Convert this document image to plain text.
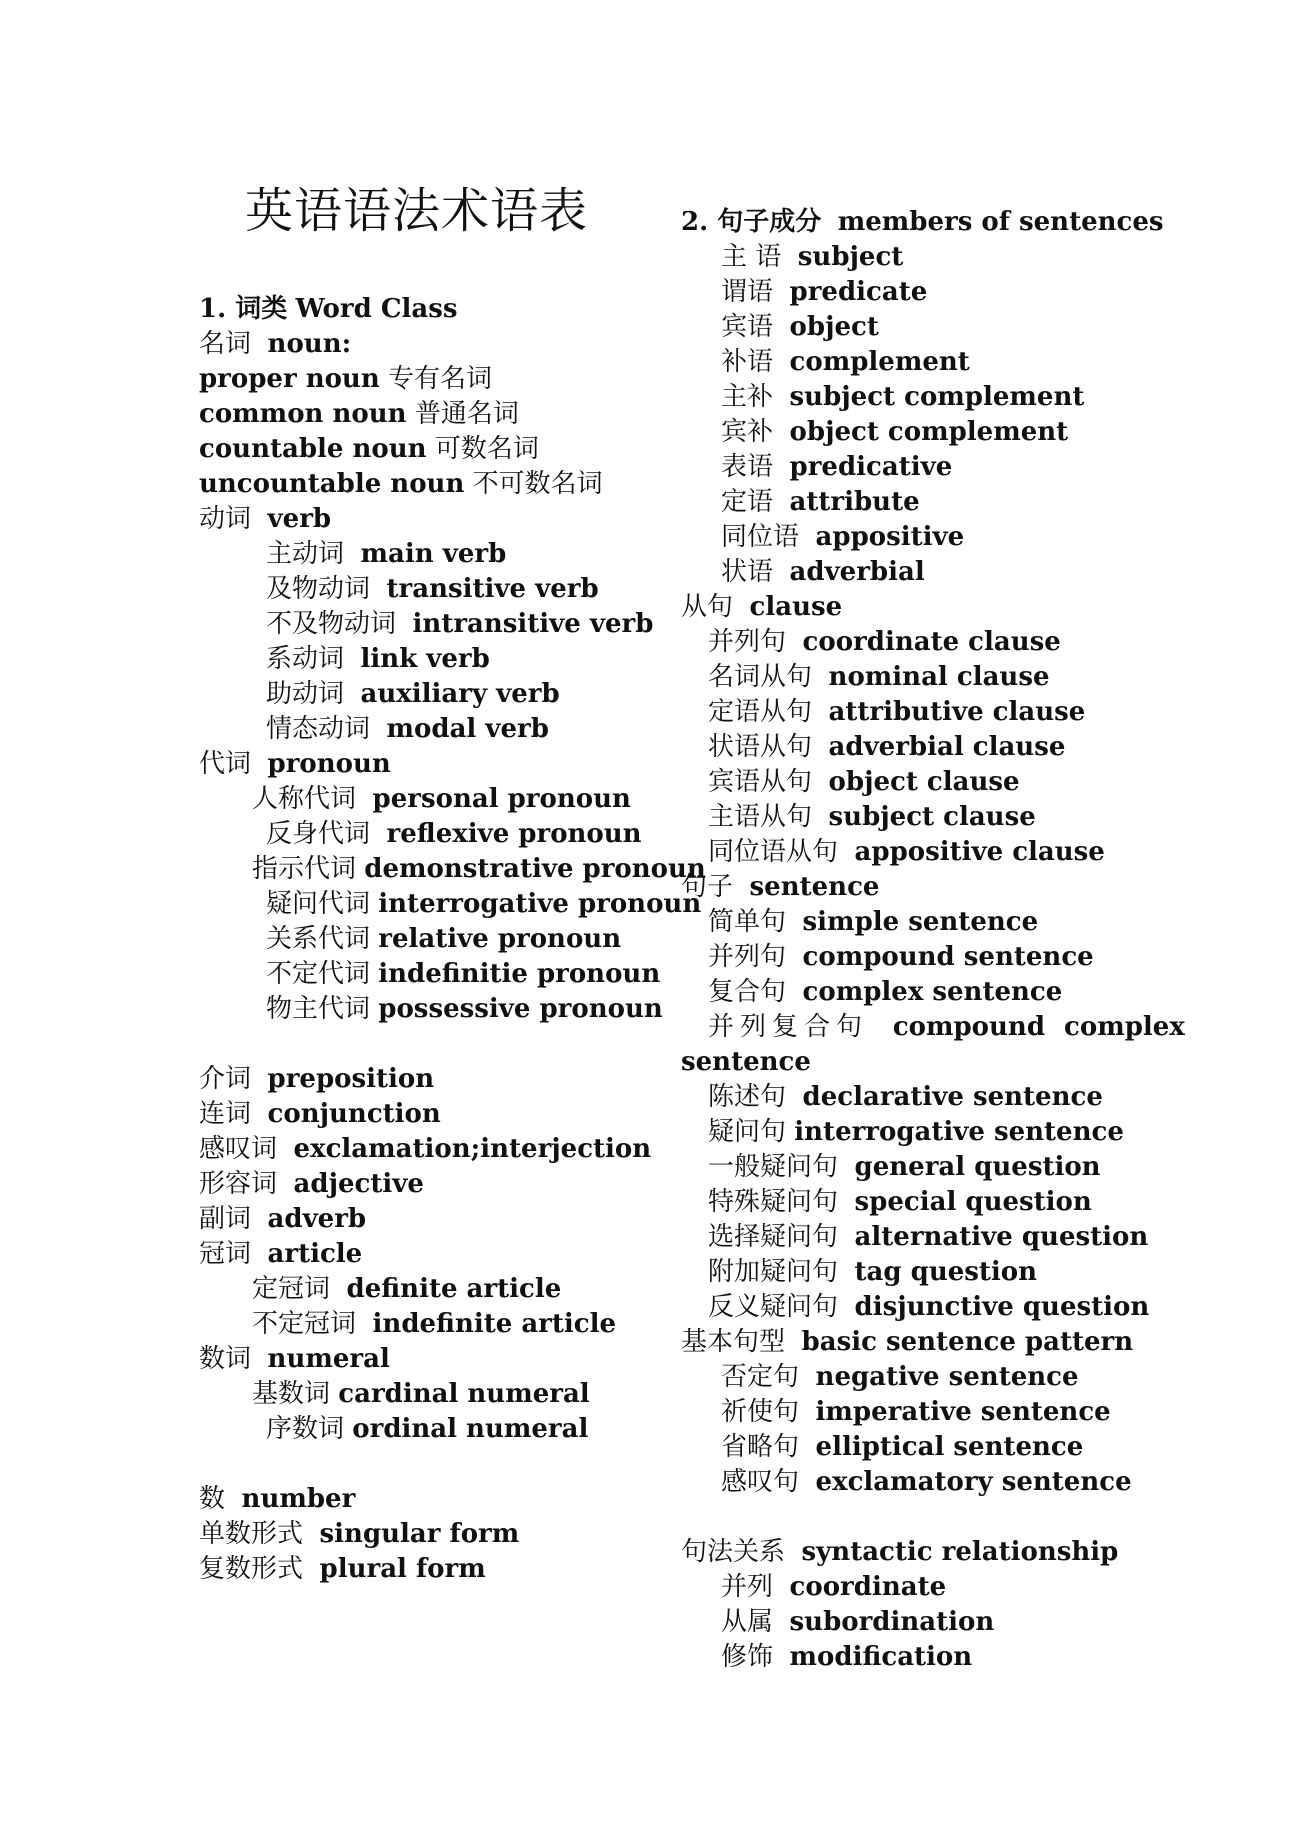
英语语法术语表
1. 词类 Word Class
名词 noun:
proper noun 专有名词
common noun 普通名词
countable noun 可数名词
uncountable noun 不可数名词
动词 verb
主动词 main verb
及物动词 transitive verb
不及物动词 intransitive verb
系动词 link verb
助动词 auxiliary verb
情态动词 modal verb
代词 pronoun
人称代词 personal pronoun
反身代词 reflexive pronoun
指示代词 demonstrative pronoun
疑问代词 interrogative pronoun
关系代词 relative pronoun
不定代词 indefinitie pronoun
物主代词 possessive pronoun
介词 preposition
连词 conjunction
感叹词 exclamation;interjection
形容词 adjective
副词 adverb
冠词 article
定冠词 definite article
不定冠词 indefinite article
数词 numeral
基数词 cardinal numeral
序数词 ordinal numeral
数 number
单数形式 singular form
复数形式 plural form
2. 句子成分 members of sentences
主 语 subject
谓语 predicate
宾语 object
补语 complement
主补 subject complement
宾补 object complement
表语 predicative
定语 attribute
同位语 appositive
状语 adverbial
从句 clause
并列句 coordinate clause
名词从句 nominal clause
定语从句 attributive clause
状语从句 adverbial clause
宾语从句 object clause
主语从句 subject clause
同位语从句 appositive clause
句子 sentence
简单句 simple sentence
并列句 compound sentence
复合句 complex sentence
并列复合句 compound complex
sentence
陈述句 declarative sentence
疑问句 interrogative sentence
一般疑问句 general question
特殊疑问句 special question
选择疑问句 alternative question
附加疑问句 tag question
反义疑问句 disjunctive question
基本句型 basic sentence pattern
否定句 negative sentence
祈使句 imperative sentence
省略句 elliptical sentence
感叹句 exclamatory sentence
句法关系 syntactic relationship
并列 coordinate
从属 subordination
修饰 modification
